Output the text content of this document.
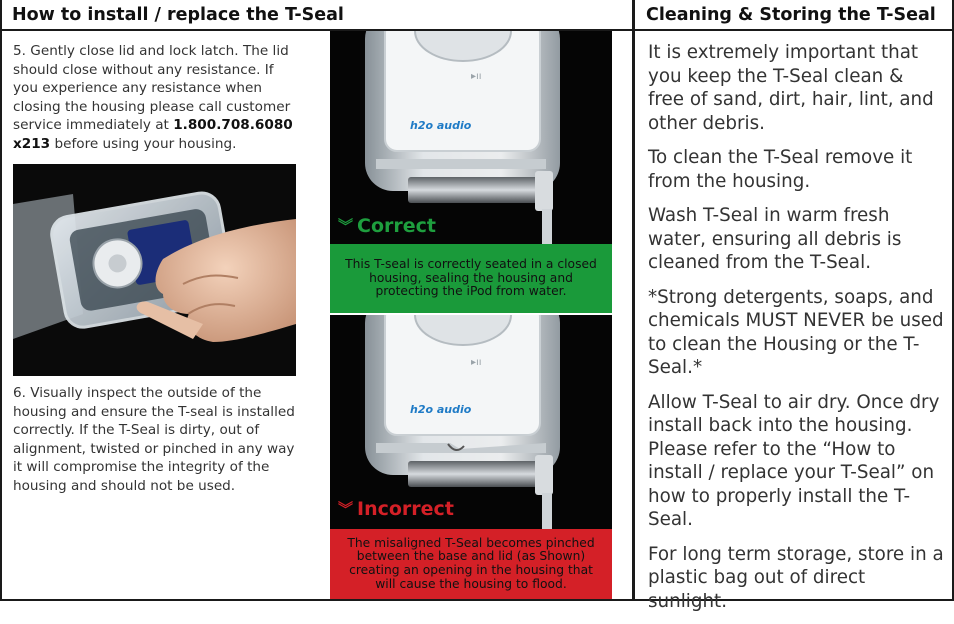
How to install / replace the T-Seal	Cleaning & Storing the T-Seal
5. Gently close lid and lock latch. The lid should close without any resistance. If you experience any resistance when closing the housing please call customer service immediately at 1.800.708.6080 x213 before using your housing.
6. Visually inspect the outside of the housing and ensure the T-seal is installed correctly. If the T-Seal is dirty, out of alignment, twisted or pinched in any way it will compromise the integrity of the housing and should not be used.
▸ıı
h2o audio
︾ Correct
This T-seal is correctly seated in a closed housing, sealing the housing and protecting the iPod from water.
▸ıı
h2o audio
︾ Incorrect
The misaligned T-Seal becomes pinched between the base and lid (as Shown) creating an opening in the housing that will cause the housing to flood.

It is extremely important that you keep the T-Seal clean & free of sand, dirt, hair, lint, and other debris.

To clean the T-Seal remove it from the housing.

Wash T-Seal in warm fresh water, ensuring all debris is cleaned from the T-Seal.

*Strong detergents, soaps, and chemicals MUST NEVER be used to clean the Housing or the T-Seal.*

Allow T-Seal to air dry. Once dry install back into the housing. Please refer to the “How to install / replace your T-Seal” on how to properly install the T-Seal.

For long term storage, store in a plastic bag out of direct sunlight.
